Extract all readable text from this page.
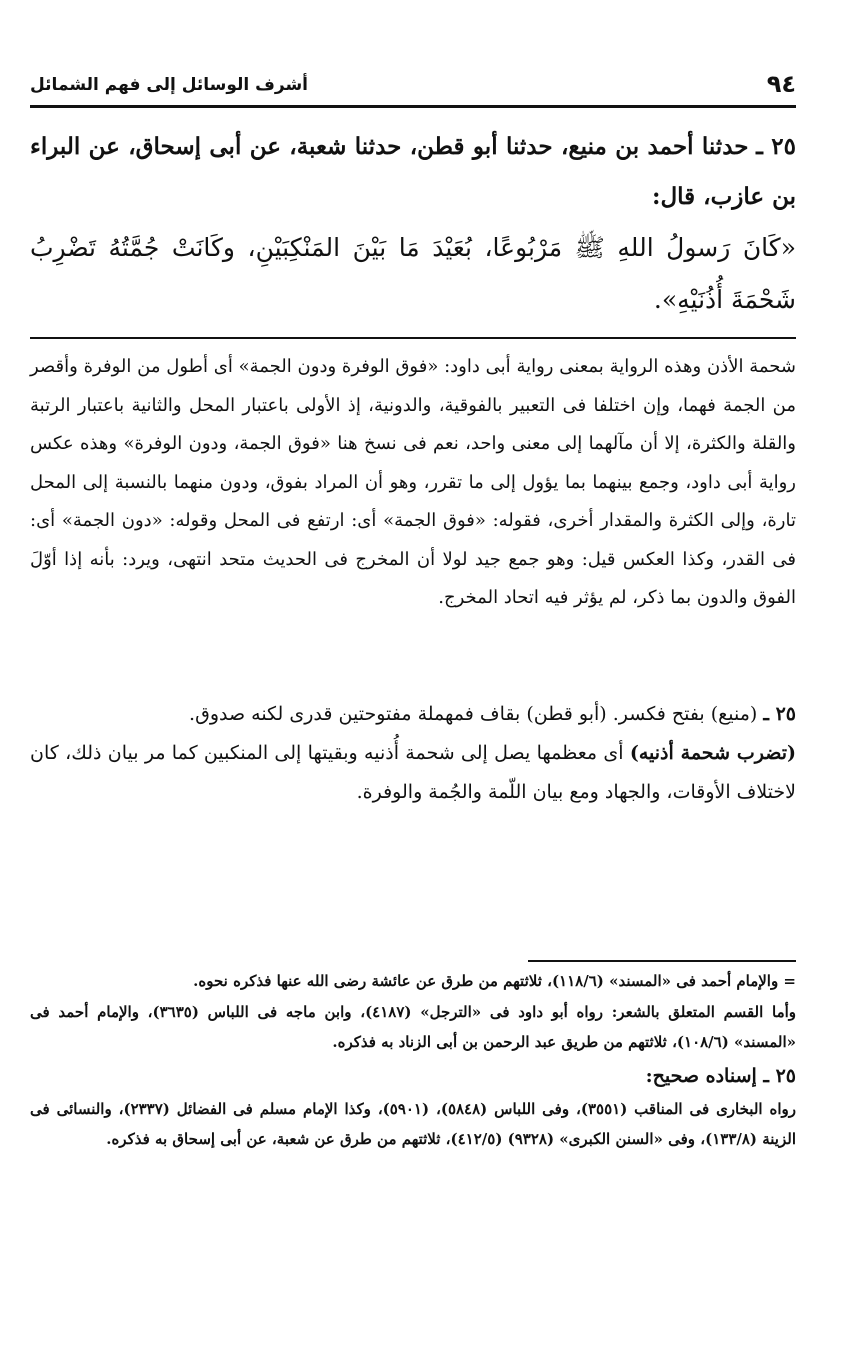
٩٤
أشرف الوسائل إلى فهم الشمائل
٢٥ ـ حدثنا أحمد بن منيع، حدثنا أبو قطن، حدثنا شعبة، عن أبى إسحاق، عن البراء بن عازب، قال:
«كَانَ رَسولُ اللهِ ﷺ مَرْبُوعًا، بُعَيْدَ مَا بَيْنَ المَنْكِبَيْنِ، وكَانَتْ جُمَّتُهُ تَضْرِبُ شَحْمَةَ أُذُنَيْهِ».

شحمة الأذن وهذه الرواية بمعنى رواية أبى داود: «فوق الوفرة ودون الجمة» أى أطول من الوفرة وأقصر من الجمة فهما، وإن اختلفا فى التعبير بالفوقية، والدونية، إذ الأولى باعتبار المحل والثانية باعتبار الرتبة والقلة والكثرة، إلا أن مآلهما إلى معنى واحد، نعم فى نسخ هنا «فوق الجمة، ودون الوفرة» وهذه عكس رواية أبى داود، وجمع بينهما بما يؤول إلى ما تقرر، وهو أن المراد بفوق، ودون منهما بالنسبة إلى المحل تارة، وإلى الكثرة والمقدار أخرى، فقوله: «فوق الجمة» أى: ارتفع فى المحل وقوله: «دون الجمة» أى: فى القدر، وكذا العكس قيل: وهو جمع جيد لولا أن المخرج فى الحديث متحد انتهى، ويرد: بأنه إذا أوّلَ الفوق والدون بما ذكر، لم يؤثر فيه اتحاد المخرج.

٢٥ ـ (منيع) بفتح فكسر. (أبو قطن) بقاف فمهملة مفتوحتين قدرى لكنه صدوق.

(تضرب شحمة أذنيه) أى معظمها يصل إلى شحمة أُذنيه وبقيتها إلى المنكبين كما مر بيان ذلك، كان لاختلاف الأوقات، والجهاد ومع بيان اللّمة والجُمة والوفرة.

= والإمام أحمد فى «المسند» (١١٨/٦)، ثلاثتهم من طرق عن عائشة رضى الله عنها فذكره نحوه.

وأما القسم المتعلق بالشعر: رواه أبو داود فى «الترجل» (٤١٨٧)، وابن ماجه فى اللباس (٣٦٣٥)، والإمام أحمد فى «المسند» (١٠٨/٦)، ثلاثتهم من طريق عبد الرحمن بن أبى الزناد به فذكره.

٢٥ ـ إسناده صحيح:

رواه البخارى فى المناقب (٣٥٥١)، وفى اللباس (٥٨٤٨)، (٥٩٠١)، وكذا الإمام مسلم فى الفضائل (٢٣٣٧)، والنسائى فى الزينة (١٣٣/٨)، وفى «السنن الكبرى» (٩٣٢٨) (٤١٢/٥)، ثلاثتهم من طرق عن شعبة، عن أبى إسحاق به فذكره.
